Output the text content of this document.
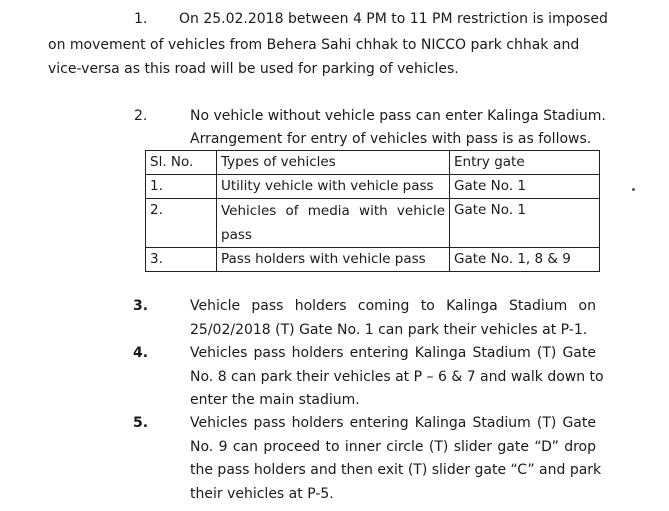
1. On 25.02.2018 between 4 PM to 11 PM restriction is imposed
on movement of vehicles from Behera Sahi chhak to NICCO park chhak and
vice-versa as this road will be used for parking of vehicles.
2.	No vehicle without vehicle pass can enter Kalinga Stadium.
Arrangement for entry of vehicles with pass is as follows.
Sl. No.	Types of vehicles	Entry gate
1.	Utility vehicle with vehicle pass	Gate No. 1
2.	Vehicles of media with vehicle pass	Gate No. 1
3.	Pass holders with vehicle pass	Gate No. 1, 8 & 9
3.	Vehicle pass holders coming to Kalinga Stadium on
25/02/2018 (T) Gate No. 1 can park their vehicles at P-1.
4.	Vehicles pass holders entering Kalinga Stadium (T) Gate
No. 8 can park their vehicles at P – 6 & 7 and walk down to
enter the main stadium.
5.	Vehicles pass holders entering Kalinga Stadium (T) Gate
No. 9 can proceed to inner circle (T) slider gate “D” drop
the pass holders and then exit (T) slider gate “C” and park
their vehicles at P-5.
